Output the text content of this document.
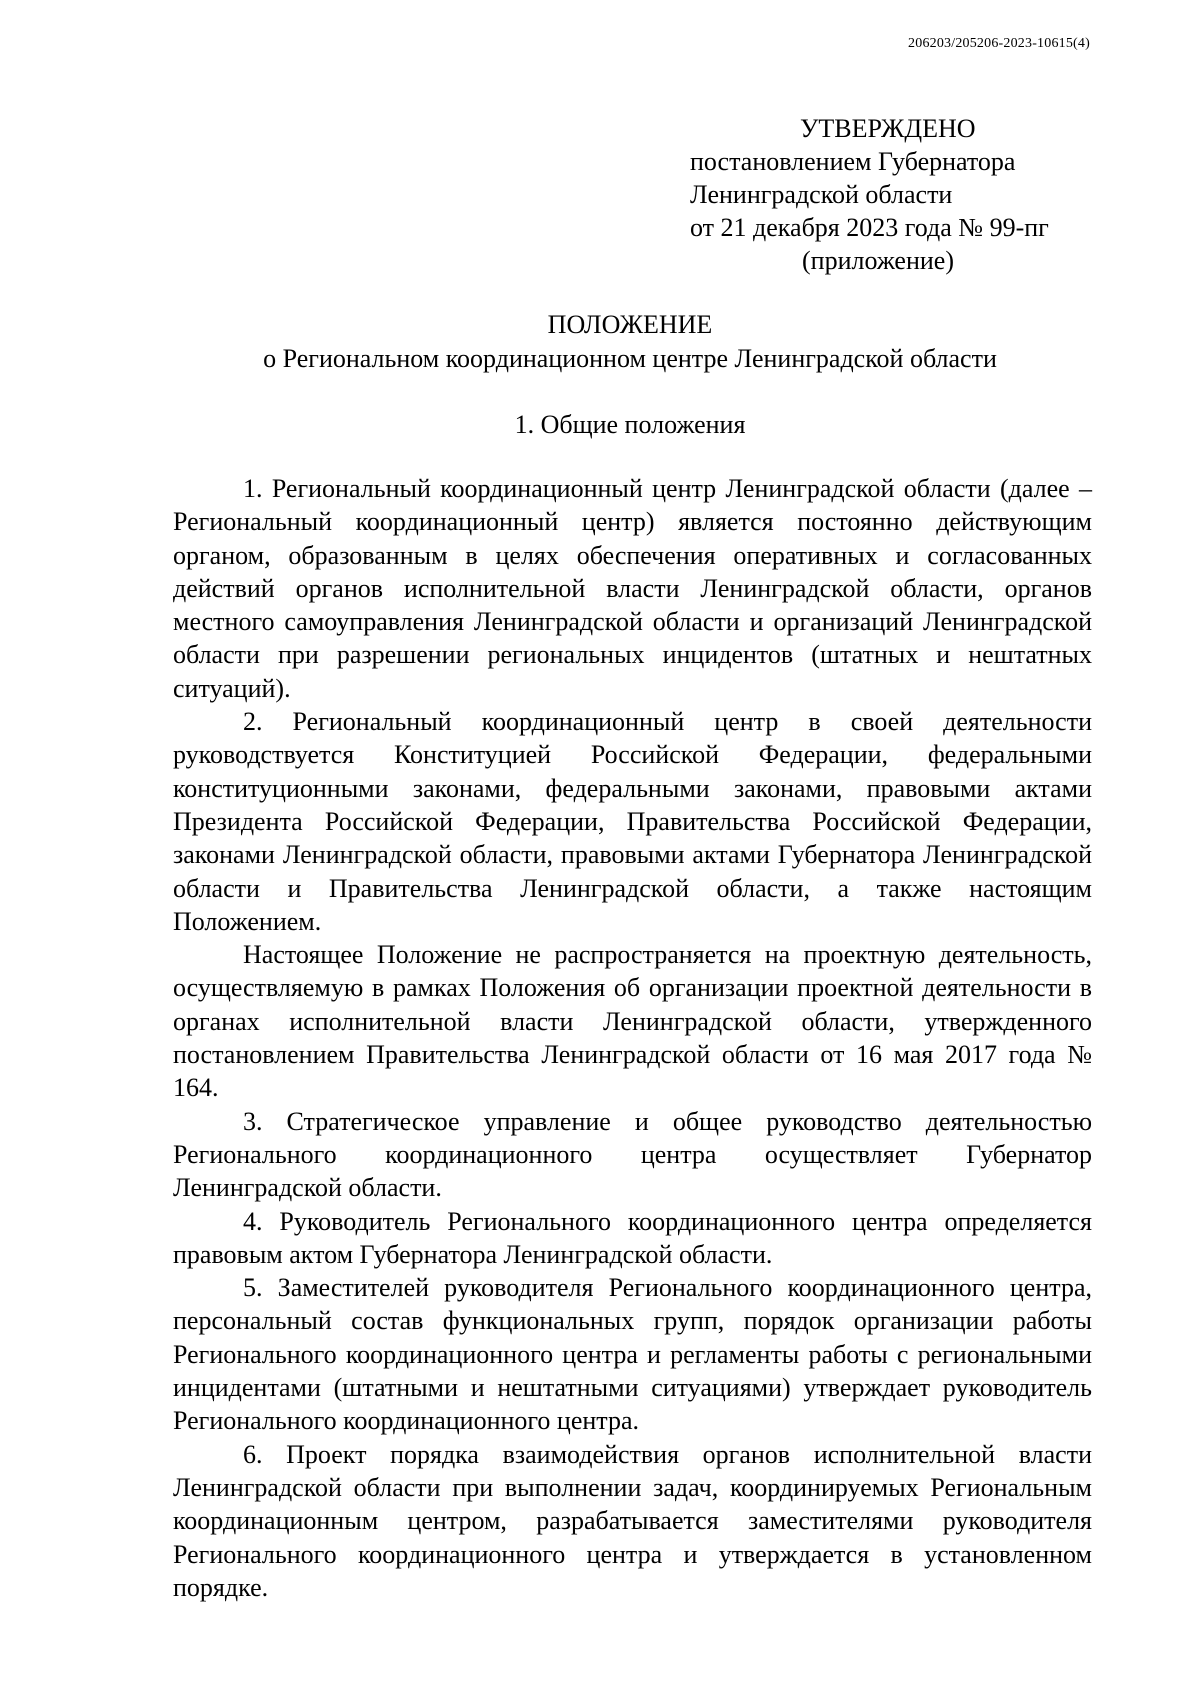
206203/205206-2023-10615(4)
УТВЕРЖДЕНО
постановлением Губернатора
Ленинградской области
от 21 декабря 2023 года № 99-пг
(приложение)
ПОЛОЖЕНИЕ
о Региональном координационном центре Ленинградской области
1. Общие положения

1. Региональный координационный центр Ленинградской области (далее – Региональный координационный центр) является постоянно действующим органом, образованным в целях обеспечения оперативных и согласованных действий органов исполнительной власти Ленинградской области, органов местного самоуправления Ленинградской области и организаций Ленинградской области при разрешении региональных инцидентов (штатных и нештатных ситуаций).

2. Региональный координационный центр в своей деятельности руководствуется Конституцией Российской Федерации, федеральными конституционными законами, федеральными законами, правовыми актами Президента Российской Федерации, Правительства Российской Федерации, законами Ленинградской области, правовыми актами Губернатора Ленинградской области и Правительства Ленинградской области, а также настоящим Положением.

Настоящее Положение не распространяется на проектную деятельность, осуществляемую в рамках Положения об организации проектной деятельности в органах исполнительной власти Ленинградской области, утвержденного постановлением Правительства Ленинградской области от 16 мая 2017 года № 164.

3. Стратегическое управление и общее руководство деятельностью Регионального координационного центра осуществляет Губернатор Ленинградской области.

4. Руководитель Регионального координационного центра определяется правовым актом Губернатора Ленинградской области.

5. Заместителей руководителя Регионального координационного центра, персональный состав функциональных групп, порядок организации работы Регионального координационного центра и регламенты работы с региональными инцидентами (штатными и нештатными ситуациями) утверждает руководитель Регионального координационного центра.

6. Проект порядка взаимодействия органов исполнительной власти Ленинградской области при выполнении задач, координируемых Региональным координационным центром, разрабатывается заместителями руководителя Регионального координационного центра и утверждается в установленном порядке.
